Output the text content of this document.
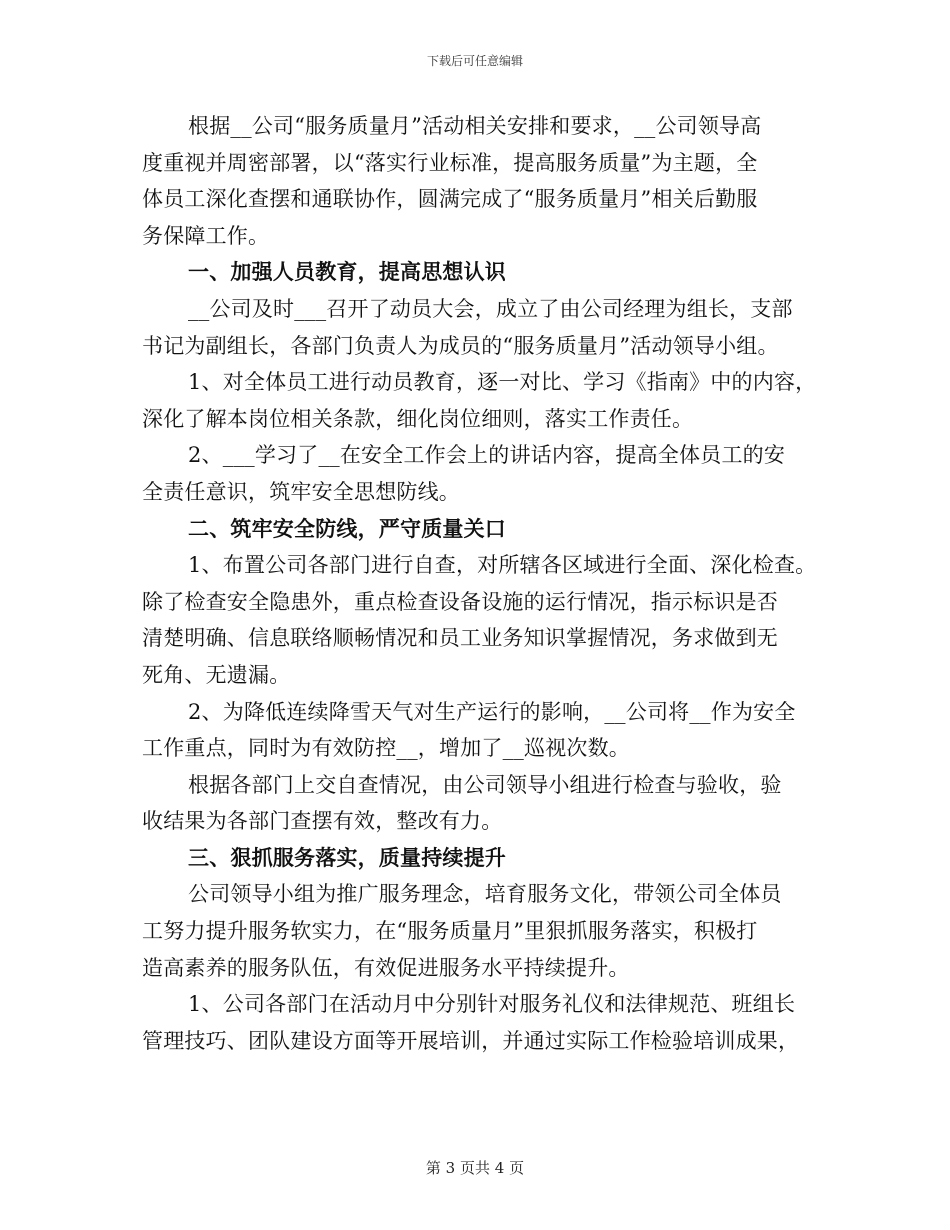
下载后可任意编辑
根据__公司“服务质量月”活动相关安排和要求，__公司领导高
度重视并周密部署，以“落实行业标准，提高服务质量”为主题，全
体员工深化查摆和通联协作，圆满完成了“服务质量月”相关后勤服
务保障工作。
一、加强人员教育，提高思想认识
__公司及时___召开了动员大会，成立了由公司经理为组长，支部
书记为副组长，各部门负责人为成员的“服务质量月”活动领导小组。
1、对全体员工进行动员教育，逐一对比、学习《指南》中的内容，
深化了解本岗位相关条款，细化岗位细则，落实工作责任。
2、___学习了__在安全工作会上的讲话内容，提高全体员工的安
全责任意识，筑牢安全思想防线。
二、筑牢安全防线，严守质量关口
1、布置公司各部门进行自查，对所辖各区域进行全面、深化检查。
除了检查安全隐患外，重点检查设备设施的运行情况，指示标识是否
清楚明确、信息联络顺畅情况和员工业务知识掌握情况，务求做到无
死角、无遗漏。
2、为降低连续降雪天气对生产运行的影响，__公司将__作为安全
工作重点，同时为有效防控__，增加了__巡视次数。
根据各部门上交自查情况，由公司领导小组进行检查与验收，验
收结果为各部门查摆有效，整改有力。
三、狠抓服务落实，质量持续提升
公司领导小组为推广服务理念，培育服务文化，带领公司全体员
工努力提升服务软实力，在“服务质量月”里狠抓服务落实，积极打
造高素养的服务队伍，有效促进服务水平持续提升。
1、公司各部门在活动月中分别针对服务礼仪和法律规范、班组长
管理技巧、团队建设方面等开展培训，并通过实际工作检验培训成果，
第 3 页共 4 页
